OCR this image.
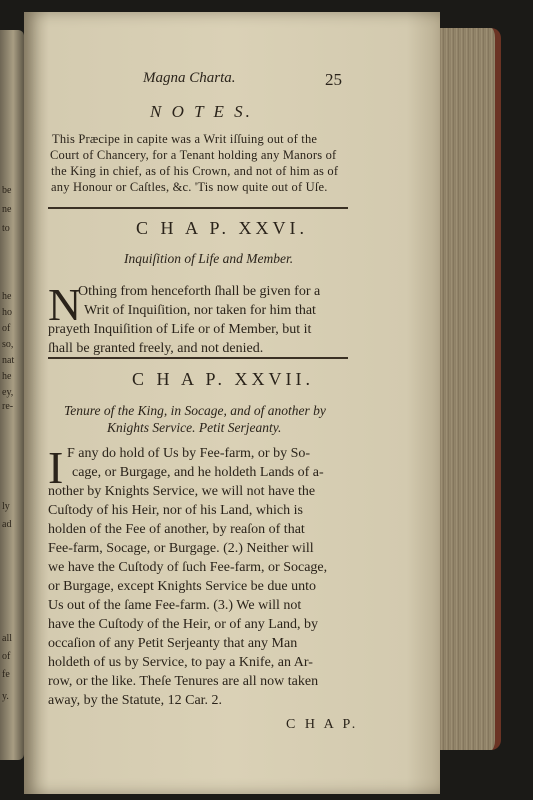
be
ne
to
he
ho
of
so,
nat
he
ey,
re-
ly
ad
all
of
fe
y.
Magna Charta.	25
N O T E S.
This Præcipe in capite was a Writ iſſuing out of the
Court of Chancery, for a Tenant holding any Manors of
the King in chief, as of his Crown, and not of him as of
any Honour or Caſtles, &c. 'Tis now quite out of Uſe.
C H A P. XXVI.
Inquiſition of Life and Member.
N
Othing from henceforth ſhall be given for a
Writ of Inquiſition, nor taken for him that
prayeth Inquiſition of Life or of Member, but it
ſhall be granted freely, and not denied.
C H A P. XXVII.
Tenure of the King, in Socage, and of another by
Knights Service. Petit Serjeanty.
I F any do hold of Us by Fee-farm, or by So-
cage, or Burgage, and he holdeth Lands of a-
nother by Knights Service, we will not have the
Cuſtody of his Heir, nor of his Land, which is
holden of the Fee of another, by reaſon of that
Fee-farm, Socage, or Burgage. (2.) Neither will
we have the Cuſtody of ſuch Fee-farm, or Socage,
or Burgage, except Knights Service be due unto
Us out of the ſame Fee-farm. (3.) We will not
have the Cuſtody of the Heir, or of any Land, by
occaſion of any Petit Serjeanty that any Man
holdeth of us by Service, to pay a Knife, an Ar-
row, or the like. Theſe Tenures are all now taken
away, by the Statute, 12 Car. 2.
C H A P.
